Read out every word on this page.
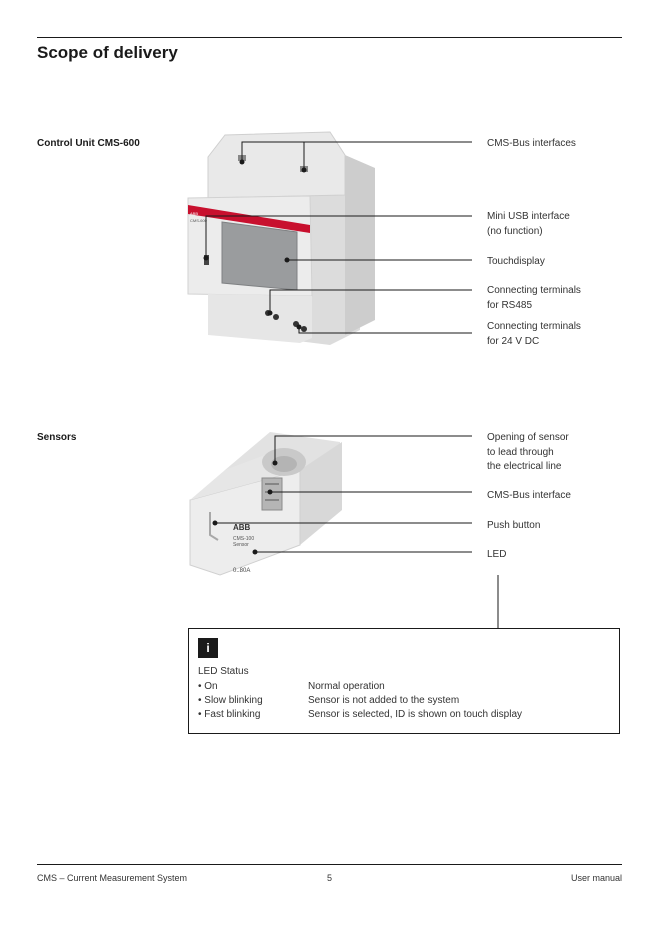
Scope of delivery
Control Unit CMS-600
Sensors
ABB
CMS-600
ABB
CMS-100
Sensor
0..80A
CMS-Bus interfaces
Mini USB interface
(no function)
Touchdisplay
Connecting terminals
for RS485
Connecting terminals
for 24 V DC
Opening of sensor
to lead through
the electrical line
CMS-Bus interface
Push button
LED
i
LED Status
• On	Normal operation
• Slow blinking	Sensor is not added to the system
• Fast blinking	Sensor is selected, ID is shown on touch display
CMS – Current Measurement System	5	User manual
